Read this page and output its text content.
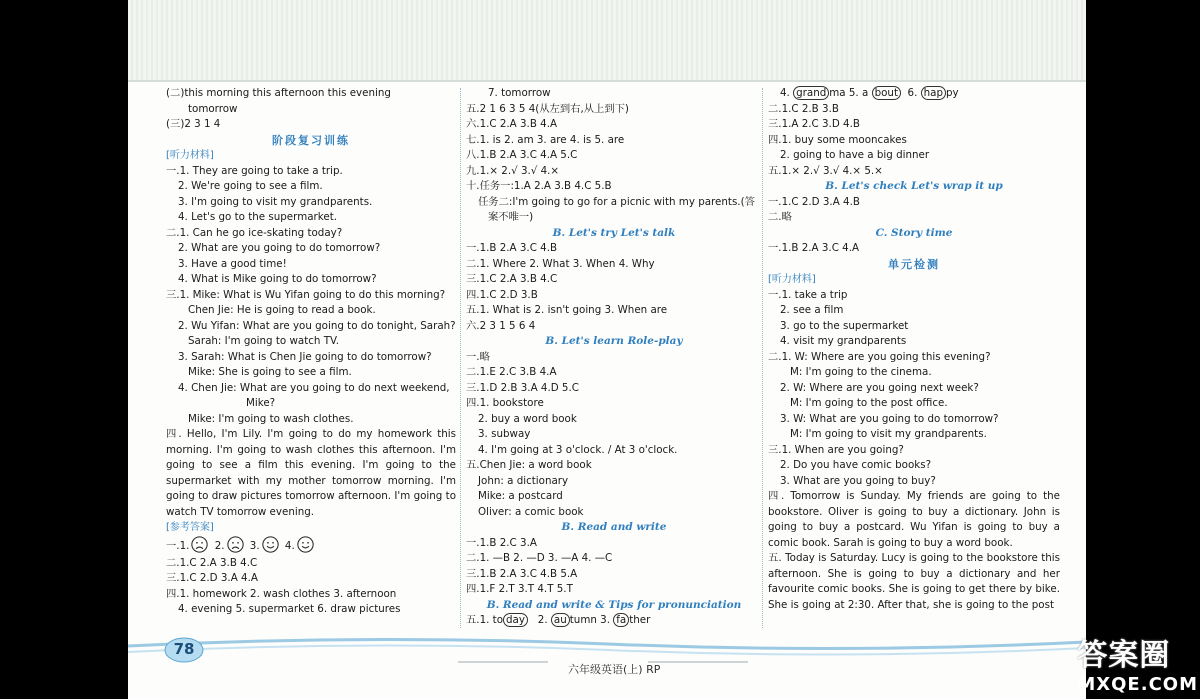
(二)this morning this afternoon this evening
tomorrow
(三)2 3 1 4
阶段复习训练
[听力材料]
一.1. They are going to take a trip.
2. We're going to see a film.
3. I'm going to visit my grandparents.
4. Let's go to the supermarket.
二.1. Can he go ice-skating today?
2. What are you going to do tomorrow?
3. Have a good time!
4. What is Mike going to do tomorrow?
三.1. Mike: What is Wu Yifan going to do this morning?
Chen Jie: He is going to read a book.
2. Wu Yifan: What are you going to do tonight, Sarah?
Sarah: I'm going to watch TV.
3. Sarah: What is Chen Jie going to do tomorrow?
Mike: She is going to see a film.
4. Chen Jie: What are you going to do next weekend,
Mike?
Mike: I'm going to wash clothes.
四. Hello, I'm Lily. I'm going to do my homework this morning. I'm going to wash clothes this afternoon. I'm going to see a film this evening. I'm going to the supermarket with my mother tomorrow morning. I'm going to draw pictures tomorrow afternoon. I'm going to watch TV tomorrow evening.
[参考答案]
一.1. 2. 3. 4.
二.1.C 2.A 3.B 4.C
三.1.C 2.D 3.A 4.A
四.1. homework 2. wash clothes 3. afternoon
4. evening 5. supermarket 6. draw pictures
7. tomorrow
五.2 1 6 3 5 4(从左到右,从上到下)
六.1.C 2.A 3.B 4.A
七.1. is 2. am 3. are 4. is 5. are
八.1.B 2.A 3.C 4.A 5.C
九.1.× 2.√ 3.√ 4.×
十.任务一:1.A 2.A 3.B 4.C 5.B
任务二:I'm going to go for a picnic with my parents.(答
案不唯一)
B. Let's try Let's talk
一.1.B 2.A 3.C 4.B
二.1. Where 2. What 3. When 4. Why
三.1.C 2.A 3.B 4.C
四.1.C 2.D 3.B
五.1. What is 2. isn't going 3. When are
六.2 3 1 5 6 4
B. Let's learn Role-play
一.略
二.1.E 2.C 3.B 4.A
三.1.D 2.B 3.A 4.D 5.C
四.1. bookstore
2. buy a word book
3. subway
4. I'm going at 3 o'clock. / At 3 o'clock.
五.Chen Jie: a word book
John: a dictionary
Mike: a postcard
Oliver: a comic book
B. Read and write
一.1.B 2.C 3.A
二.1. —B 2. —D 3. —A 4. —C
三.1.B 2.A 3.C 4.B 5.A
四.1.F 2.T 3.T 4.T 5.T
B. Read and write & Tips for pronunciation
五.1. to day 2. au tumn 3. fa ther
4. grand ma 5. a bout 6. hap py
二.1.C 2.B 3.B
三.1.A 2.C 3.D 4.B
四.1. buy some mooncakes
2. going to have a big dinner
五.1.× 2.√ 3.√ 4.× 5.×
B. Let's check Let's wrap it up
一.1.C 2.D 3.A 4.B
二.略
C. Story time
一.1.B 2.A 3.C 4.A
单元检测
[听力材料]
一.1. take a trip
2. see a film
3. go to the supermarket
4. visit my grandparents
二.1. W: Where are you going this evening?
M: I'm going to the cinema.
2. W: Where are you going next week?
M: I'm going to the post office.
3. W: What are you going to do tomorrow?
M: I'm going to visit my grandparents.
三.1. When are you going?
2. Do you have comic books?
3. What are you going to buy?
四. Tomorrow is Sunday. My friends are going to the bookstore. Oliver is going to buy a dictionary. John is going to buy a postcard. Wu Yifan is going to buy a comic book. Sarah is going to buy a word book.
五. Today is Saturday. Lucy is going to the bookstore this afternoon. She is going to buy a dictionary and her favourite comic books. She is going to get there by bike. She is going at 2:30. After that, she is going to the post
78
六年级英语(上) RP	答案圈
MXQE.COM
